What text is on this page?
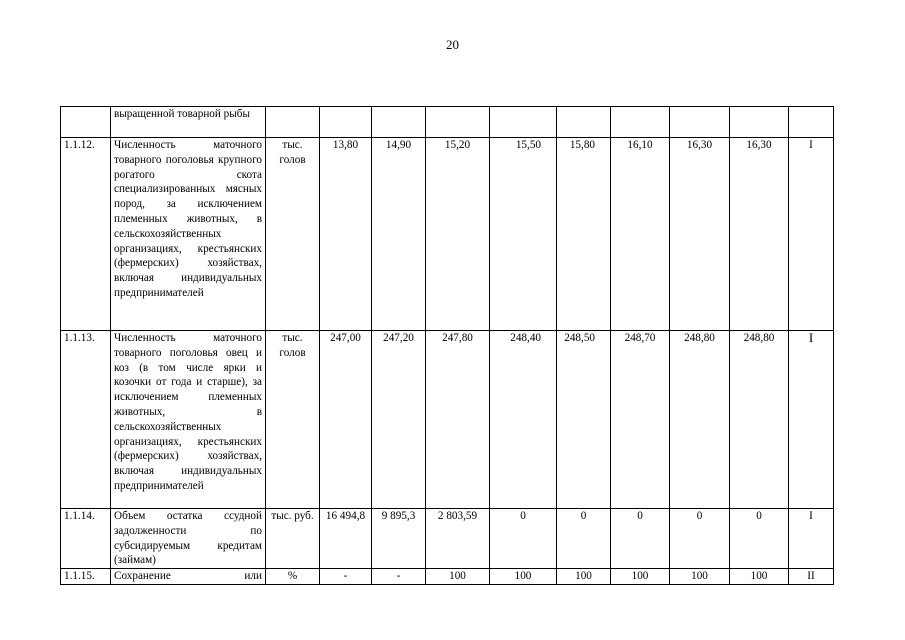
20
	выращенной товарной рыбы										
1.1.12.	Численность маточного товарного поголовья крупного рогатого скота специализированных мясных пород, за исключением племенных животных, в сельскохозяйственных организациях, крестьянских (фермерских) хозяйствах, включая индивидуальных предпринимателей	тыс. голов	13,80	14,90	15,20	15,50	15,80	16,10	16,30	16,30	I
1.1.13.	Численность маточного товарного поголовья овец и коз (в том числе ярки и козочки от года и старше), за исключением племенных животных, в сельскохозяйственных организациях, крестьянских (фермерских) хозяйствах, включая индивидуальных предпринимателей	тыс. голов	247,00	247,20	247,80	248,40	248,50	248,70	248,80	248,80	I
1.1.14.	Объем остатка ссудной задолженности по субсидируемым кредитам (займам)	тыс. руб.	16 494,8	9 895,3	2 803,59	0	0	0	0	0	I
1.1.15.	Сохранение или	%	-	-	100	100	100	100	100	100	II
